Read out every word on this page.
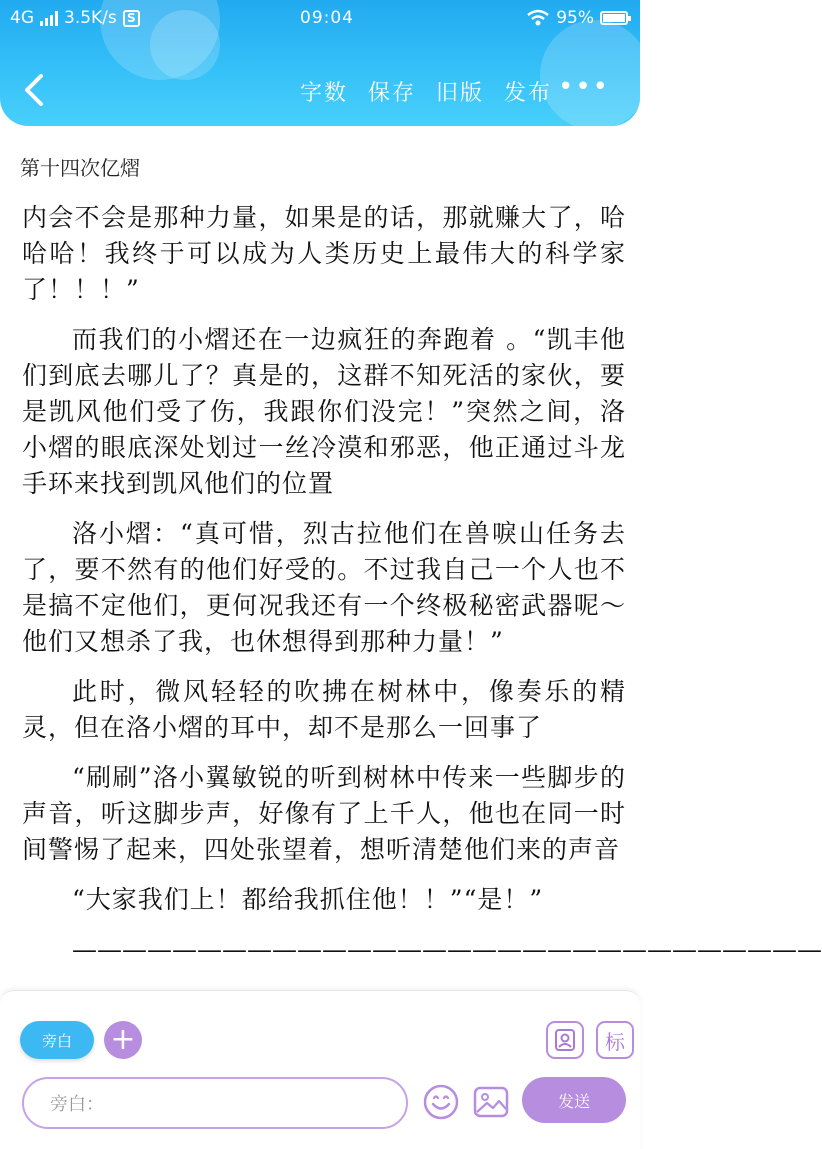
4G 3.5K/s S	09:04	95%
字数 保存 旧版 发布 •••
第十四次亿熠

内会不会是那种力量，如果是的话，那就赚大了，哈哈哈！我终于可以成为人类历史上最伟大的科学家了！！！”

而我们的小熠还在一边疯狂的奔跑着 。“凯丰他们到底去哪儿了？真是的，这群不知死活的家伙，要是凯风他们受了伤，我跟你们没完！”突然之间，洛小熠的眼底深处划过一丝冷漠和邪恶，他正通过斗龙手环来找到凯风他们的位置

洛小熠：“真可惜，烈古拉他们在兽唳山任务去了，要不然有的他们好受的。不过我自己一个人也不是搞不定他们，更何况我还有一个终极秘密武器呢～他们又想杀了我，也休想得到那种力量！”

此时，微风轻轻的吹拂在树林中，像奏乐的精灵，但在洛小熠的耳中，却不是那么一回事了

“刷刷”洛小翼敏锐的听到树林中传来一些脚步的声音，听这脚步声，好像有了上千人，他也在同一时间警惕了起来，四处张望着，想听清楚他们来的声音

“大家我们上！都给我抓住他！！”“是！”

——————————————————————————————

旁白	+	标
旁白：	发送
